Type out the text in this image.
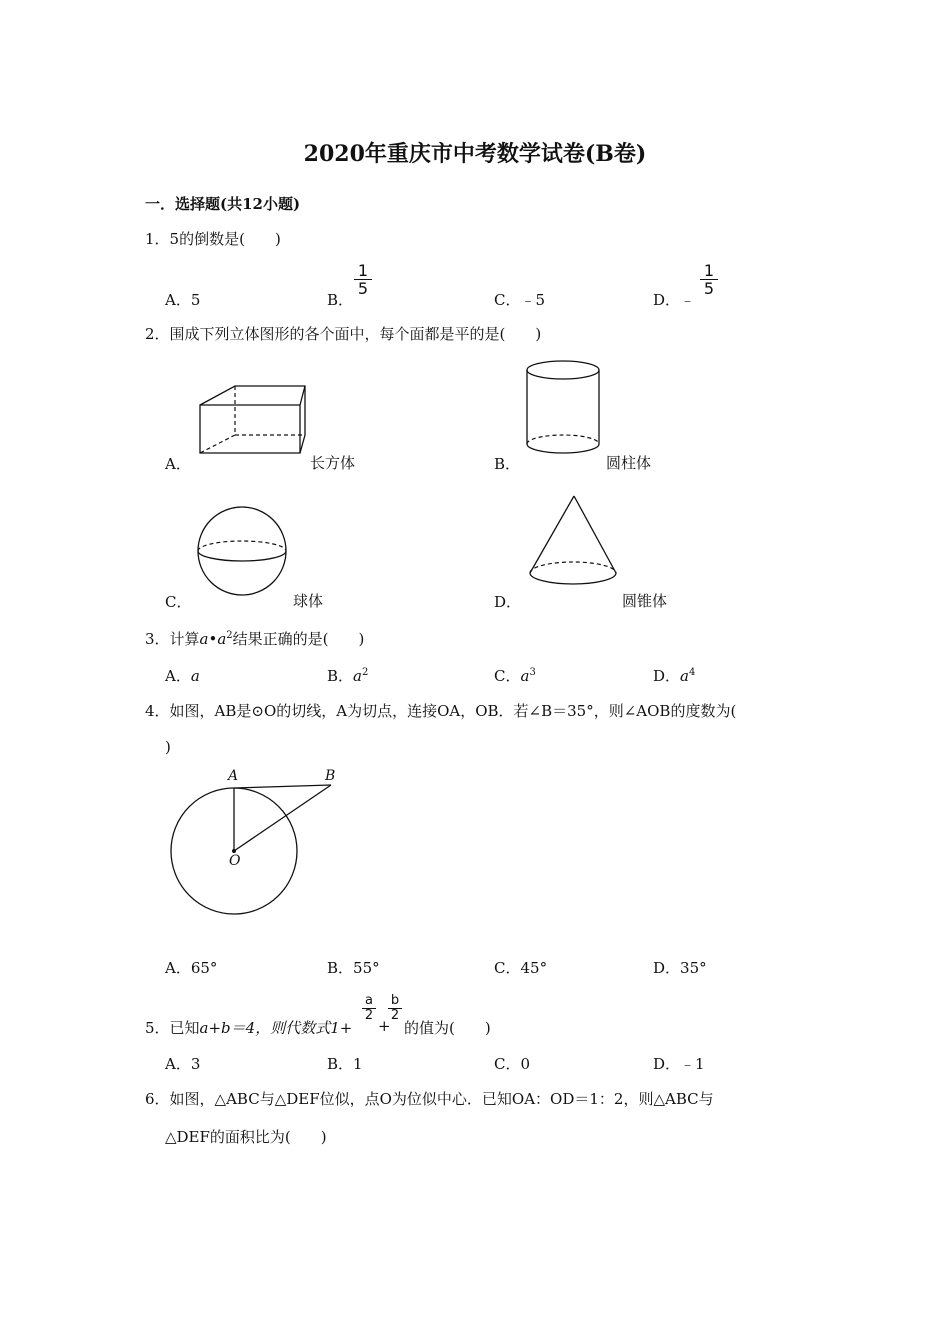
2020年重庆市中考数学试卷(B卷)
一．选择题(共12小题)
1．5的倒数是(　　)
A．5	B．
$\frac{1}{5}$
C．﹣5	D．﹣
$\frac{1}{5}$
2．围成下列立体图形的各个面中，每个面都是平的是(　　)
A．	长方体	B．	圆柱体
C．	球体	D．	圆锥体
3．计算$a•a^2$结果正确的是(　　)
A．a	B．$a^2$	C．$a^3$	D．$a^4$
4．如图，AB是⊙O的切线，A为切点，连接OA，OB．若∠B＝35°，则∠AOB的度数为(
)
A	B
O
A．65°	B．55°	C．45°	D．35°
5．已知a+b＝4，则代数式1+
$\frac{a}{2}$
+
$\frac{b}{2}$
的值为(　　)
A．3	B．1	C．0	D．﹣1
6．如图，△ABC与△DEF位似，点O为位似中心．已知OA：OD＝1：2，则△ABC与
△DEF的面积比为(　　)
